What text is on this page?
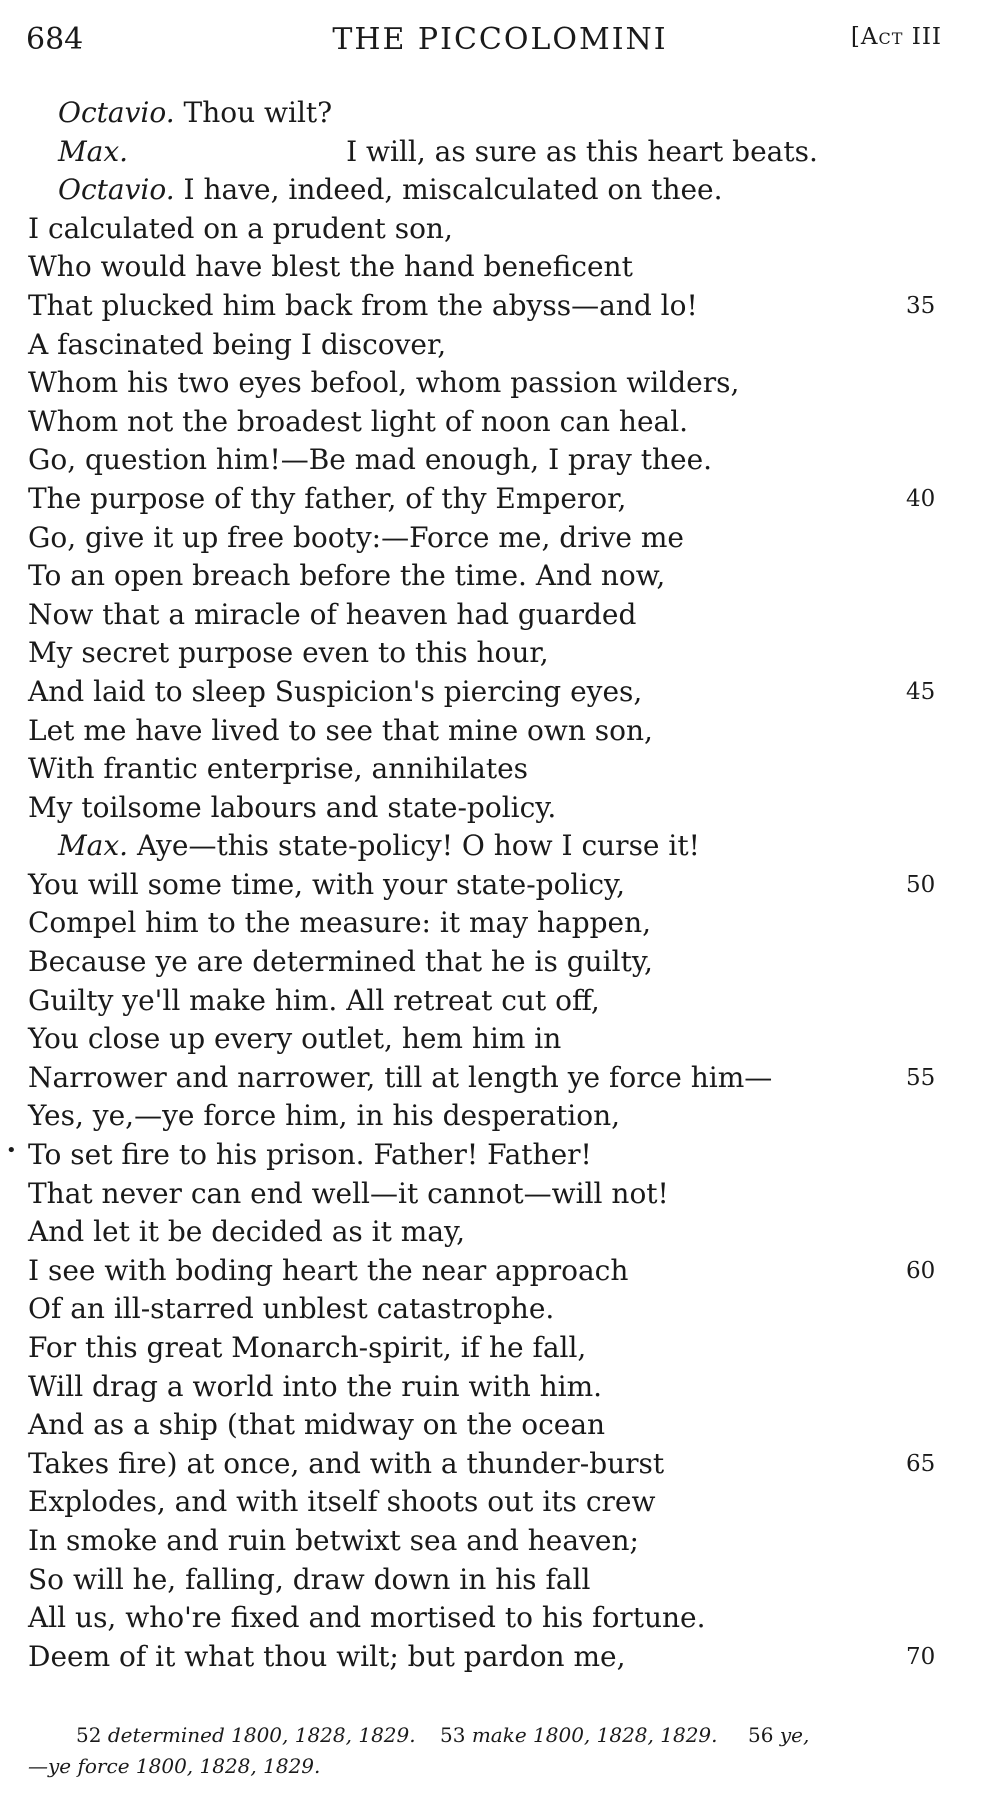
684	THE PICCOLOMINI	[Act III
Octavio. Thou wilt?
Max.	I will, as sure as this heart beats.
Octavio. I have, indeed, miscalculated on thee.
I calculated on a prudent son,
Who would have blest the hand beneficent
That plucked him back from the abyss—and lo!	35
A fascinated being I discover,
Whom his two eyes befool, whom passion wilders,
Whom not the broadest light of noon can heal.
Go, question him!—Be mad enough, I pray thee.
The purpose of thy father, of thy Emperor,	40
Go, give it up free booty:—Force me, drive me
To an open breach before the time. And now,
Now that a miracle of heaven had guarded
My secret purpose even to this hour,
And laid to sleep Suspicion's piercing eyes,	45
Let me have lived to see that mine own son,
With frantic enterprise, annihilates
My toilsome labours and state-policy.
Max. Aye—this state-policy! O how I curse it!
You will some time, with your state-policy,	50
Compel him to the measure: it may happen,
Because ye are determined that he is guilty,
Guilty ye'll make him. All retreat cut off,
You close up every outlet, hem him in
Narrower and narrower, till at length ye force him—	55
Yes, ye,—ye force him, in his desperation,
• To set fire to his prison. Father! Father!
That never can end well—it cannot—will not!
And let it be decided as it may,
I see with boding heart the near approach	60
Of an ill-starred unblest catastrophe.
For this great Monarch-spirit, if he fall,
Will drag a world into the ruin with him.
And as a ship (that midway on the ocean
Takes fire) at once, and with a thunder-burst	65
Explodes, and with itself shoots out its crew
In smoke and ruin betwixt sea and heaven;
So will he, falling, draw down in his fall
All us, who're fixed and mortised to his fortune.
Deem of it what thou wilt; but pardon me,	70
52 determined 1800, 1828, 1829. 53 make 1800, 1828, 1829. 56 ye,
—ye force 1800, 1828, 1829.
